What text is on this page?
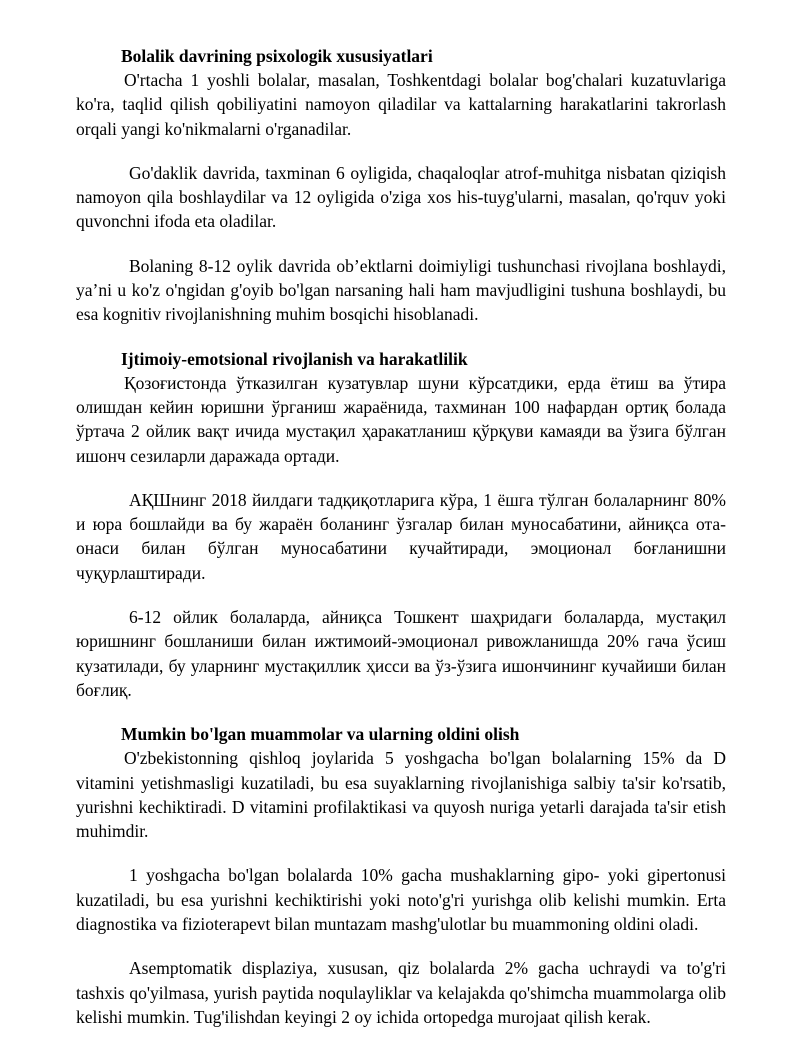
Bolalik davrining psixologik xususiyatlari

O'rtacha 1 yoshli bolalar, masalan, Toshkentdagi bolalar bog'chalari kuzatuvlariga ko'ra, taqlid qilish qobiliyatini namoyon qiladilar va kattalarning harakatlarini takrorlash orqali yangi ko'nikmalarni o'rganadilar.

Go'daklik davrida, taxminan 6 oyligida, chaqaloqlar atrof-muhitga nisbatan qiziqish namoyon qila boshlaydilar va 12 oyligida o'ziga xos his-tuyg'ularni, masalan, qo'rquv yoki quvonchni ifoda eta oladilar.

Bolaning 8-12 oylik davrida ob’ektlarni doimiyligi tushunchasi rivojlana boshlaydi, ya’ni u ko'z o'ngidan g'oyib bo'lgan narsaning hali ham mavjudligini tushuna boshlaydi, bu esa kognitiv rivojlanishning muhim bosqichi hisoblanadi.

Ijtimoiy-emotsional rivojlanish va harakatlilik

Қозоғистонда ўтказилган кузатувлар шуни кўрсатдики, ерда ётиш ва ўтира олишдан кейин юришни ўрганиш жараёнида, тахминан 100 нафардан ортиқ болада ўртача 2 ойлик вақт ичида мустақил ҳаракатланиш қўрқуви камаяди ва ўзига бўлган ишонч сезиларли даражада ортади.

АҚШнинг 2018 йилдаги тадқиқотларига кўра, 1 ёшга тўлган болаларнинг 80% и юра бошлайди ва бу жараён боланинг ўзгалар билан муносабатини, айниқса ота-онаси билан бўлган муносабатини кучайтиради, эмоционал боғланишни чуқурлаштиради.

6-12 ойлик болаларда, айниқса Тошкент шаҳридаги болаларда, мустақил юришнинг бошланиши билан ижтимоий-эмоционал ривожланишда 20% гача ўсиш кузатилади, бу уларнинг мустақиллик ҳисси ва ўз-ўзига ишончининг кучайиши билан боғлиқ.

Mumkin bo'lgan muammolar va ularning oldini olish

O'zbekistonning qishloq joylarida 5 yoshgacha bo'lgan bolalarning 15% da D vitamini yetishmasligi kuzatiladi, bu esa suyaklarning rivojlanishiga salbiy ta'sir ko'rsatib, yurishni kechiktiradi. D vitamini profilaktikasi va quyosh nuriga yetarli darajada ta'sir etish muhimdir.

1 yoshgacha bo'lgan bolalarda 10% gacha mushaklarning gipo- yoki gipertonusi kuzatiladi, bu esa yurishni kechiktirishi yoki noto'g'ri yurishga olib kelishi mumkin. Erta diagnostika va fizioterapevt bilan muntazam mashg'ulotlar bu muammoning oldini oladi.

Asemptomatik displaziya, xususan, qiz bolalarda 2% gacha uchraydi va to'g'ri tashxis qo'yilmasa, yurish paytida noqulayliklar va kelajakda qo'shimcha muammolarga olib kelishi mumkin. Tug'ilishdan keyingi 2 oy ichida ortopedga murojaat qilish kerak.
